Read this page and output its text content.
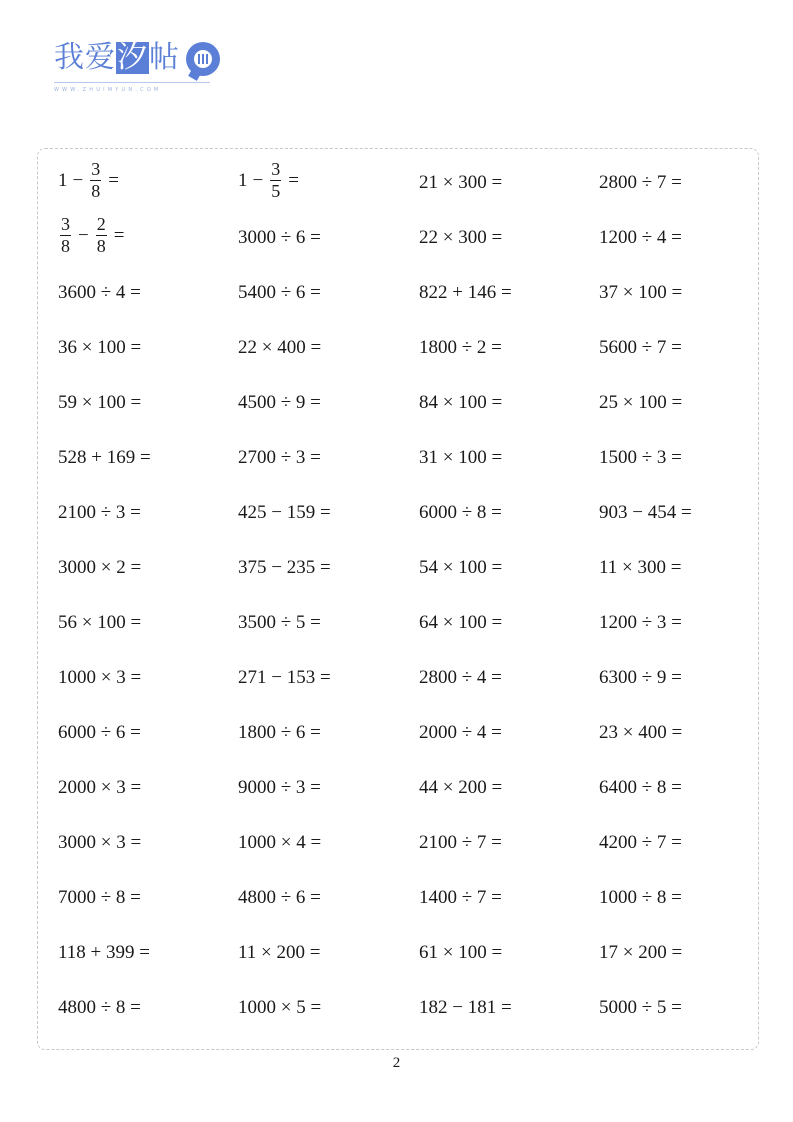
我爱汐帖
WWW.ZHUIMYUN.COM
$1 - \frac{3}{8}$ =	$1 - \frac{3}{5}$ =	21 × 300 =	2800 ÷ 7 =
$\frac{3}{8} - \frac{2}{8}$ =	3000 ÷ 6 =	22 × 300 =	1200 ÷ 4 =
3600 ÷ 4 =	5400 ÷ 6 =	822 + 146 =	37 × 100 =
36 × 100 =	22 × 400 =	1800 ÷ 2 =	5600 ÷ 7 =
59 × 100 =	4500 ÷ 9 =	84 × 100 =	25 × 100 =
528 + 169 =	2700 ÷ 3 =	31 × 100 =	1500 ÷ 3 =
2100 ÷ 3 =	425 − 159 =	6000 ÷ 8 =	903 − 454 =
3000 × 2 =	375 − 235 =	54 × 100 =	11 × 300 =
56 × 100 =	3500 ÷ 5 =	64 × 100 =	1200 ÷ 3 =
1000 × 3 =	271 − 153 =	2800 ÷ 4 =	6300 ÷ 9 =
6000 ÷ 6 =	1800 ÷ 6 =	2000 ÷ 4 =	23 × 400 =
2000 × 3 =	9000 ÷ 3 =	44 × 200 =	6400 ÷ 8 =
3000 × 3 =	1000 × 4 =	2100 ÷ 7 =	4200 ÷ 7 =
7000 ÷ 8 =	4800 ÷ 6 =	1400 ÷ 7 =	1000 ÷ 8 =
118 + 399 =	11 × 200 =	61 × 100 =	17 × 200 =
4800 ÷ 8 =	1000 × 5 =	182 − 181 =	5000 ÷ 5 =
2
